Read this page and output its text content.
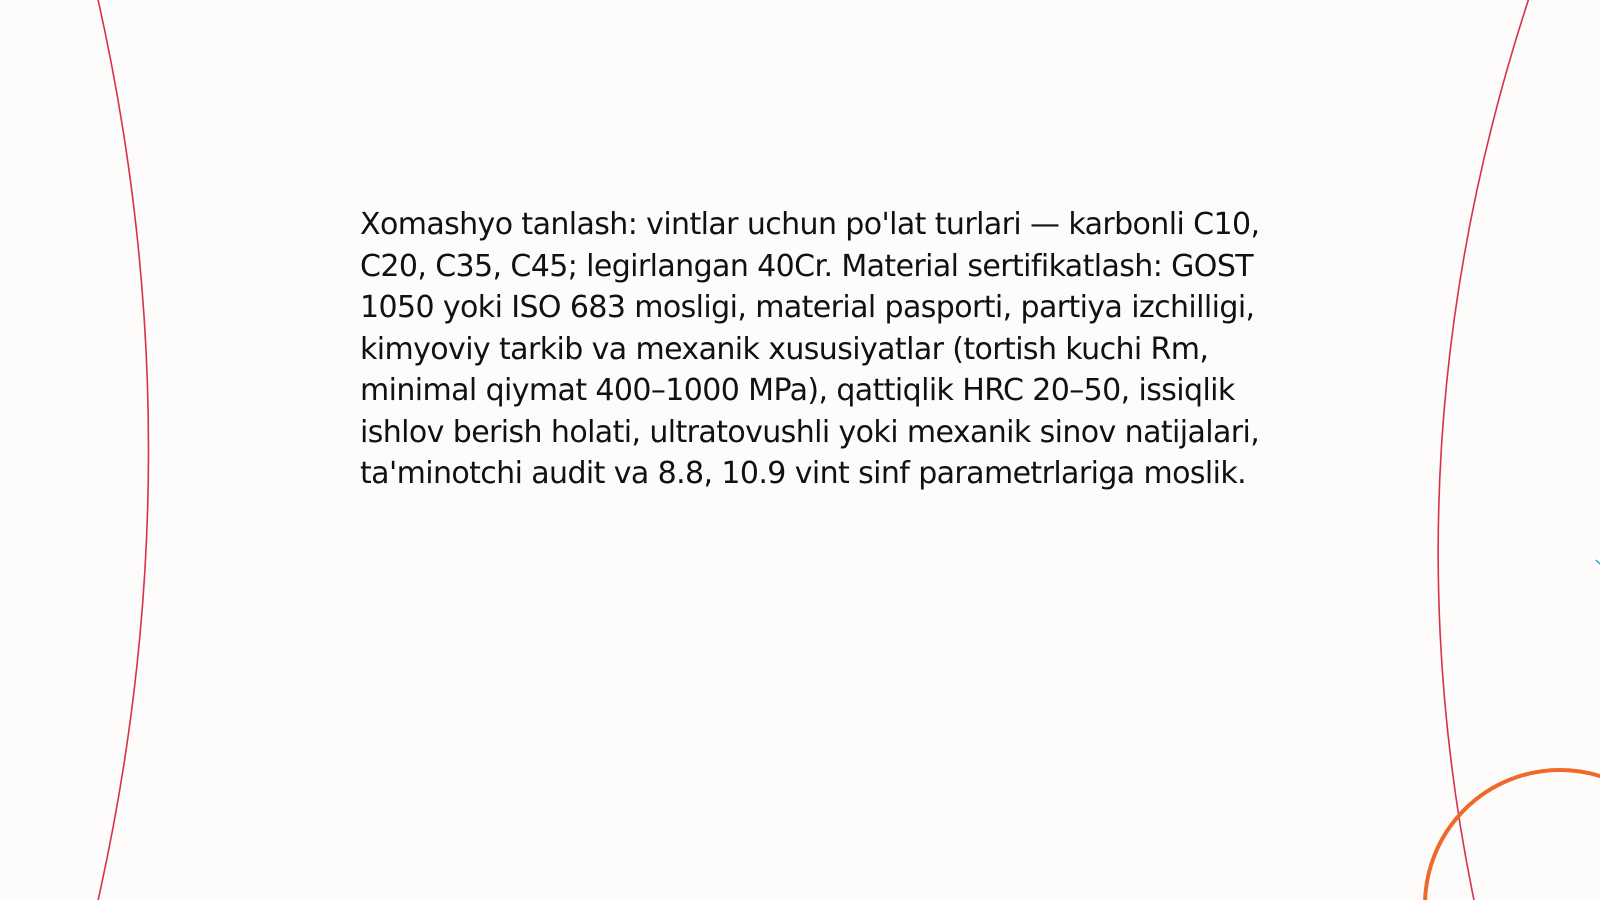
Xomashyo tanlash: vintlar uchun po'lat turlari — karbonli C10, C20, C35, C45; legirlangan 40Cr. Material sertifikatlash: GOST 1050 yoki ISO 683 mosligi, material pasporti, partiya izchilligi, kimyoviy tarkib va mexanik xususiyatlar (tortish kuchi Rm, minimal qiymat 400–1000 MPa), qattiqlik HRC 20–50, issiqlik ishlov berish holati, ultratovushli yoki mexanik sinov natijalari, ta'minotchi audit va 8.8, 10.9 vint sinf parametrlariga moslik.
